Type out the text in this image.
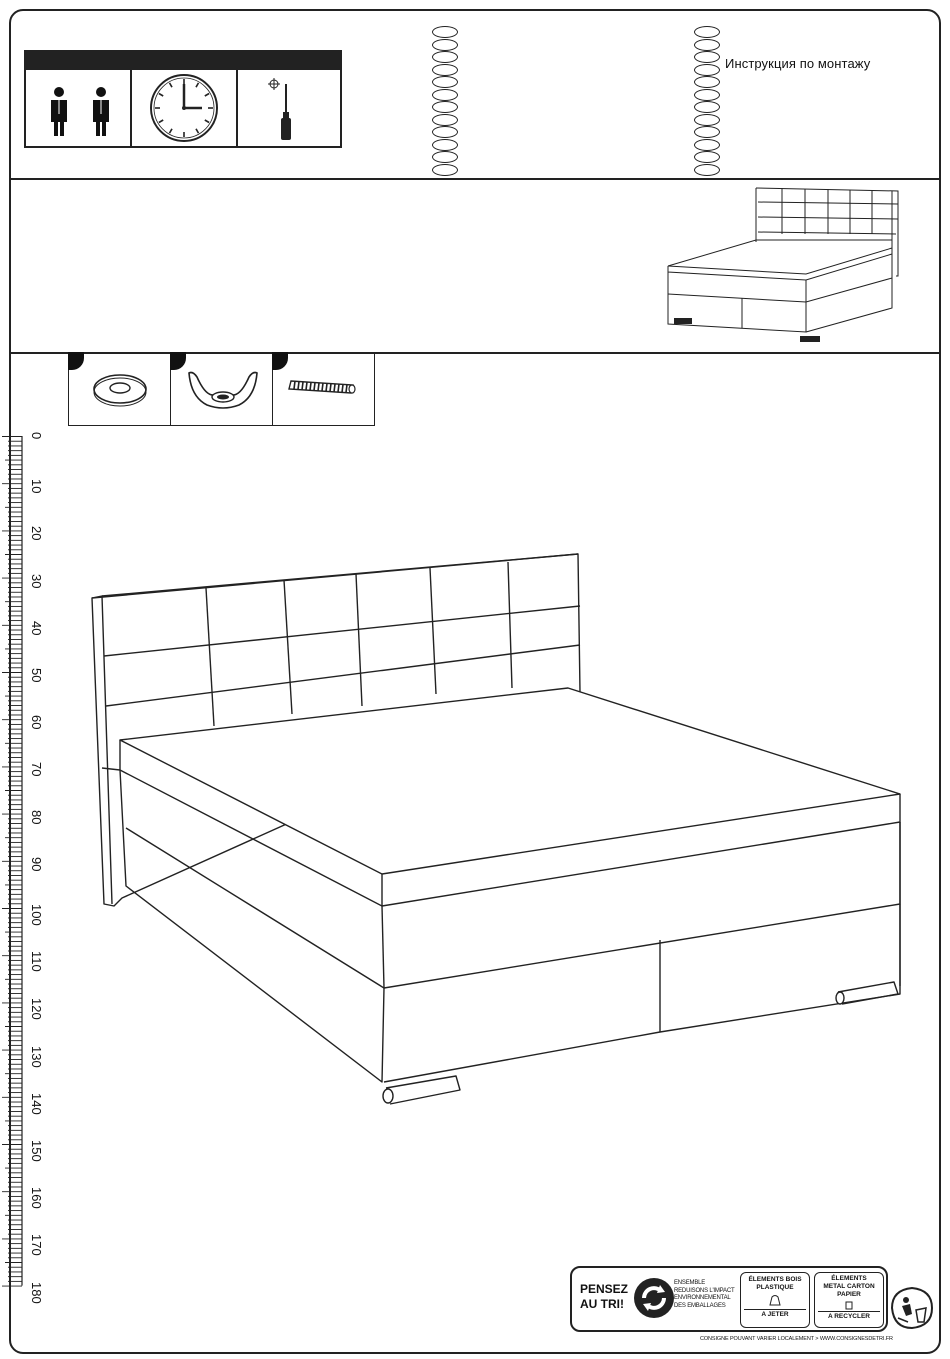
Инструкция по монтажу
0
10
20
30
40
50
60
70
80
90
100
110
120
130
140
150
160
170
180	PENSEZ
AU TRI!
ENSEMBLE
REDUISONS L'IMPACT
ENVIRONNEMENTAL
DES EMBALLAGES
ÉLEMENTS BOIS
PLASTIQUE
A JETER
ÉLEMENTS
METAL CARTON
PAPIER
A RECYCLER
CONSIGNE POUVANT VARIER LOCALEMENT > WWW.CONSIGNESDETRI.FR
